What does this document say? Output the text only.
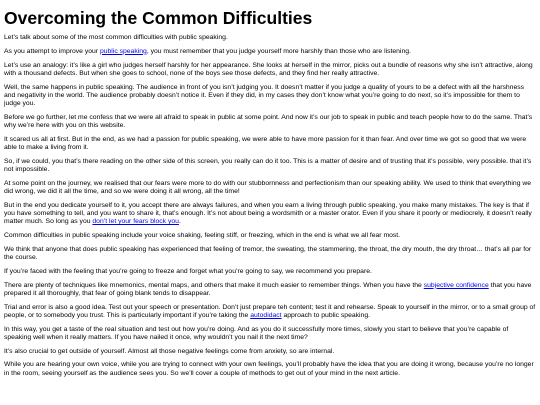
Overcoming the Common Difficulties

Let’s talk about some of the most common difficulties with public speaking.

As you attempt to improve your public speaking, you must remember that you judge yourself more harshly than those who are listening.

Let’s use an analogy: it’s like a girl who judges herself harshly for her appearance. She looks at herself in the mirror, picks out a bundle of reasons why she isn’t attractive, along with a thousand defects. But when she goes to school, none of the boys see those defects, and they find her really attractive.

Well, the same happens in public speaking. The audience in front of you isn’t judging you. It doesn’t matter if you judge a quality of yours to be a defect with all the harshness and negativity in the world. The audience probably doesn’t notice it. Even if they did, in my cases they don’t know what you’re going to do next, so it’s impossible for them to judge you.

Before we go further, let me confess that we were all afraid to speak in public at some point. And now it’s our job to speak in public and teach people how to do the same. That’s why we’re here with you on this website.

It scared us all at first. But in the end, as we had a passion for public speaking, we were able to have more passion for it than fear. And over time we got so good that we were able to make a living from it.

So, if we could, you that’s there reading on the other side of this screen, you really can do it too. This is a matter of desire and of trusting that it’s possible, very possible. that it’s not impossible.

At some point on the journey, we realised that our fears were more to do with our stubbornness and perfectionism than our speaking ability. We used to think that everything we did wrong, we did it all the time, and so we were doing it all wrong, all the time!

But in the end you dedicate yourself to it, you accept there are always failures, and when you earn a living through public speaking, you make many mistakes. The key is that if you have something to tell, and you want to share it, that’s enough. It’s not about being a wordsmith or a master orator. Even if you share it poorly or mediocrely, it doesn’t really matter much. So long as you don’t let your fears block you.

Common difficulties in public speaking include your voice shaking, feeling stiff, or freezing, which in the end is what we all fear most.

We think that anyone that does public speaking has experienced that feeling of tremor, the sweating, the stammering, the throat, the dry mouth, the dry throat… that’s all par for the course.

If you’re faced with the feeling that you’re going to freeze and forget what you’re going to say, we recommend you prepare.

There are plenty of techniques like mnemonics, mental maps, and others that make it much easier to remember things. When you have the subjective confidence that you have prepared it all thoroughly, that fear of going blank tends to disappear.

Trial and error is also a good idea. Test out your speech or presentation. Don’t just prepare teh content; test it and rehearse. Speak to yourself in the mirror, or to a small group of people, or to somebody you trust. This is particularly important if you’re taking the autodidact approach to public speaking.

In this way, you get a taste of the real situation and test out how you’re doing. And as you do it successfully more times, slowly you start to believe that you’re capable of speaking well when it really matters. If you have nailed it once, why wouldn’t you nail it the next time?

It’s also crucial to get outside of yourself. Almost all those negative feelings come from anxiety, so are internal.

While you are hearing your own voice, while you are trying to connect with your own feelings, you’ll probably have the idea that you are doing it wrong, because you’re no longer in the room, seeing yourself as the audience sees you. So we’ll cover a couple of methods to get out of your mind in the next article.
